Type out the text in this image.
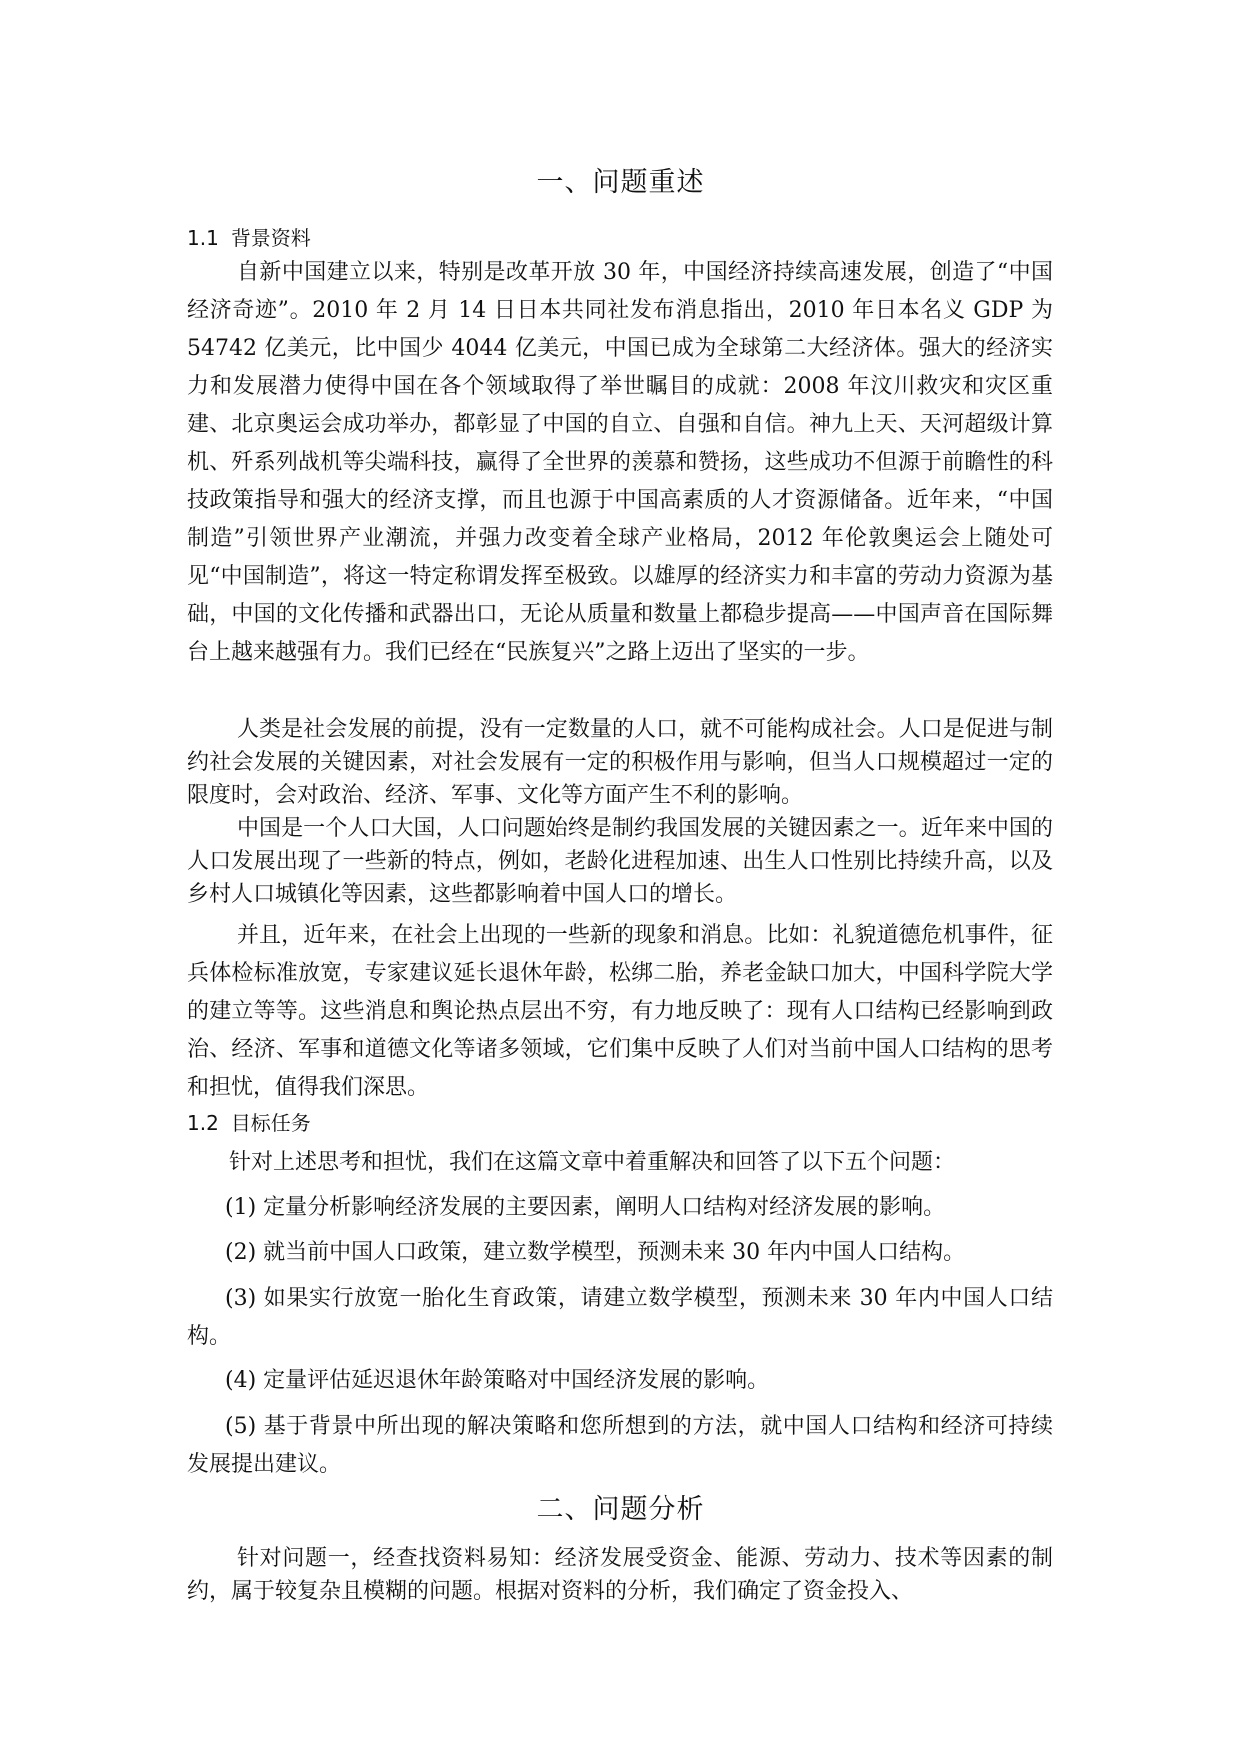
一、问题重述
1.1 背景资料
自新中国建立以来，特别是改革开放 30 年，中国经济持续高速发展，创造了“中国经济奇迹”。2010 年 2 月 14 日日本共同社发布消息指出，2010 年日本名义 GDP 为 54742 亿美元，比中国少 4044 亿美元，中国已成为全球第二大经济体。强大的经济实力和发展潜力使得中国在各个领域取得了举世瞩目的成就：2008 年汶川救灾和灾区重建、北京奥运会成功举办，都彰显了中国的自立、自强和自信。神九上天、天河超级计算机、歼系列战机等尖端科技，赢得了全世界的羡慕和赞扬，这些成功不但源于前瞻性的科技政策指导和强大的经济支撑，而且也源于中国高素质的人才资源储备。近年来，“中国制造”引领世界产业潮流，并强力改变着全球产业格局，2012 年伦敦奥运会上随处可见“中国制造”，将这一特定称谓发挥至极致。以雄厚的经济实力和丰富的劳动力资源为基础，中国的文化传播和武器出口，无论从质量和数量上都稳步提高——中国声音在国际舞台上越来越强有力。我们已经在“民族复兴”之路上迈出了坚实的一步。
人类是社会发展的前提，没有一定数量的人口，就不可能构成社会。人口是促进与制约社会发展的关键因素，对社会发展有一定的积极作用与影响，但当人口规模超过一定的限度时，会对政治、经济、军事、文化等方面产生不利的影响。
中国是一个人口大国，人口问题始终是制约我国发展的关键因素之一。近年来中国的人口发展出现了一些新的特点，例如，老龄化进程加速、出生人口性别比持续升高，以及乡村人口城镇化等因素，这些都影响着中国人口的增长。
并且，近年来，在社会上出现的一些新的现象和消息。比如：礼貌道德危机事件，征兵体检标准放宽，专家建议延长退休年龄，松绑二胎，养老金缺口加大，中国科学院大学的建立等等。这些消息和舆论热点层出不穷，有力地反映了：现有人口结构已经影响到政治、经济、军事和道德文化等诸多领域，它们集中反映了人们对当前中国人口结构的思考和担忧，值得我们深思。
1.2 目标任务
针对上述思考和担忧，我们在这篇文章中着重解决和回答了以下五个问题：
(1) 定量分析影响经济发展的主要因素，阐明人口结构对经济发展的影响。
(2) 就当前中国人口政策，建立数学模型，预测未来 30 年内中国人口结构。
(3) 如果实行放宽一胎化生育政策，请建立数学模型，预测未来 30 年内中国人口结构。
(4) 定量评估延迟退休年龄策略对中国经济发展的影响。
(5) 基于背景中所出现的解决策略和您所想到的方法，就中国人口结构和经济可持续发展提出建议。
二、问题分析
针对问题一，经查找资料易知：经济发展受资金、能源、劳动力、技术等因素的制约，属于较复杂且模糊的问题。根据对资料的分析，我们确定了资金投入、
